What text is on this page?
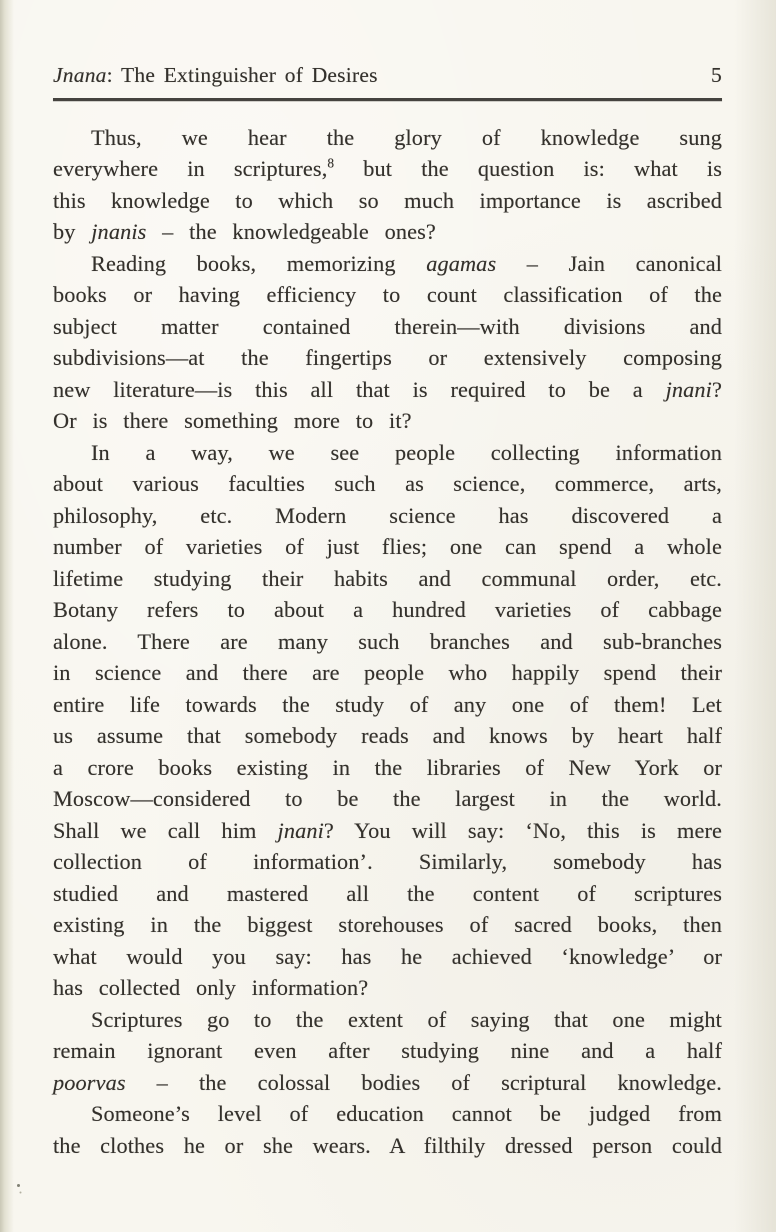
Jnana: The Extinguisher of Desires	5
Thus, we hear the glory of knowledge sung
everywhere in scriptures,$^8$ but the question is: what is
this knowledge to which so much importance is ascribed
by jnanis – the knowledgeable ones?
Reading books, memorizing agamas – Jain canonical
books or having efficiency to count classification of the
subject matter contained therein—with divisions and
subdivisions—at the fingertips or extensively composing
new literature—is this all that is required to be a jnani?
Or is there something more to it?
In a way, we see people collecting information
about various faculties such as science, commerce, arts,
philosophy, etc. Modern science has discovered a
number of varieties of just flies; one can spend a whole
lifetime studying their habits and communal order, etc.
Botany refers to about a hundred varieties of cabbage
alone. There are many such branches and sub-branches
in science and there are people who happily spend their
entire life towards the study of any one of them! Let
us assume that somebody reads and knows by heart half
a crore books existing in the libraries of New York or
Moscow—considered to be the largest in the world.
Shall we call him jnani? You will say: ‘No, this is mere
collection of information’. Similarly, somebody has
studied and mastered all the content of scriptures
existing in the biggest storehouses of sacred books, then
what would you say: has he achieved ‘knowledge’ or
has collected only information?
Scriptures go to the extent of saying that one might
remain ignorant even after studying nine and a half
poorvas – the colossal bodies of scriptural knowledge.
Someone’s level of education cannot be judged from
the clothes he or she wears. A filthily dressed person could
